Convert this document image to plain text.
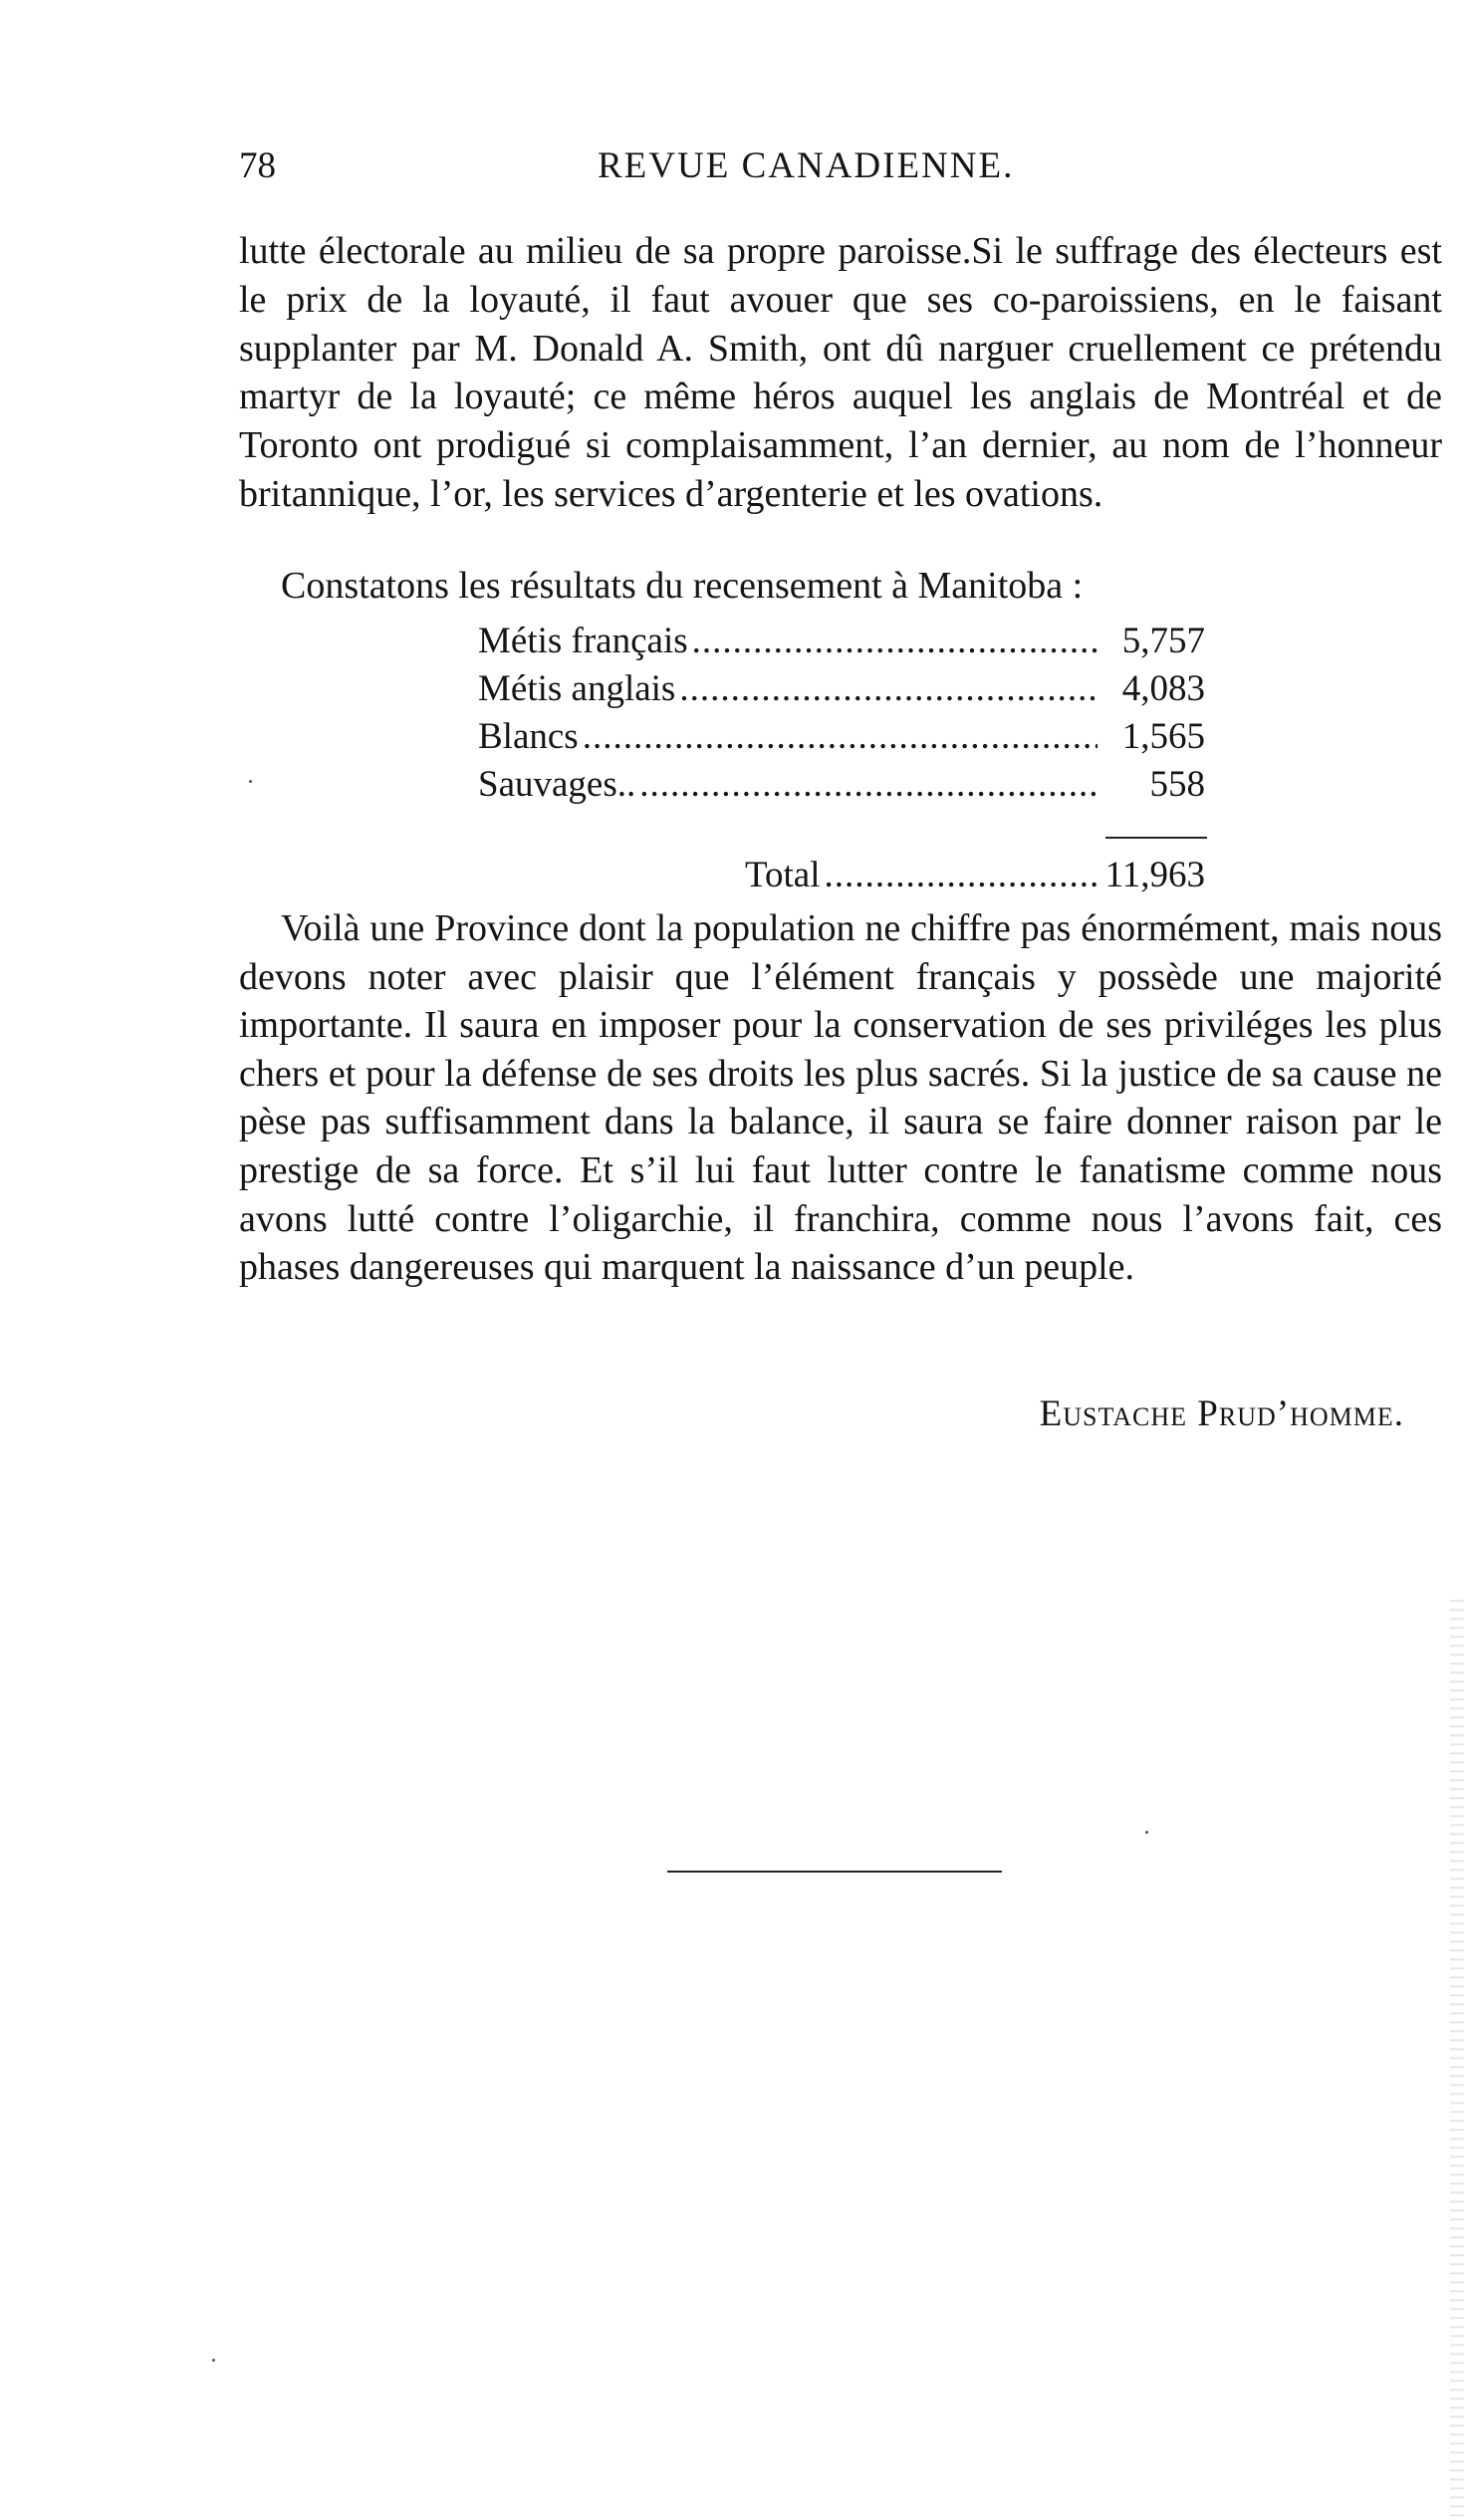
78	REVUE CANADIENNE.

lutte électorale au milieu de sa propre paroisse.Si le suffrage des électeurs est le prix de la loyauté, il faut avouer que ses co-paroissiens, en le faisant supplanter par M. Donald A. Smith, ont dû narguer cruellement ce prétendu martyr de la loyauté; ce même héros auquel les anglais de Montréal et de Toronto ont prodigué si complaisamment, l’an dernier, au nom de l’honneur britannique, l’or, les services d’argenterie et les ovations.

Constatons les résultats du recensement à Manitoba :

Métis français .....	5,757
Métis anglais .....	4,083
Blancs .....	1,565
Sauvages.. .....	558
Total .....	11,963

Voilà une Province dont la population ne chiffre pas énormément, mais nous devons noter avec plaisir que l’élément français y possède une majorité importante. Il saura en imposer pour la conservation de ses priviléges les plus chers et pour la défense de ses droits les plus sacrés. Si la justice de sa cause ne pèse pas suffisamment dans la balance, il saura se faire donner raison par le prestige de sa force. Et s’il lui faut lutter contre le fanatisme comme nous avons lutté contre l’oligarchie, il franchira, comme nous l’avons fait, ces phases dangereuses qui marquent la naissance d’un peuple.

Eustache Prud’homme.
